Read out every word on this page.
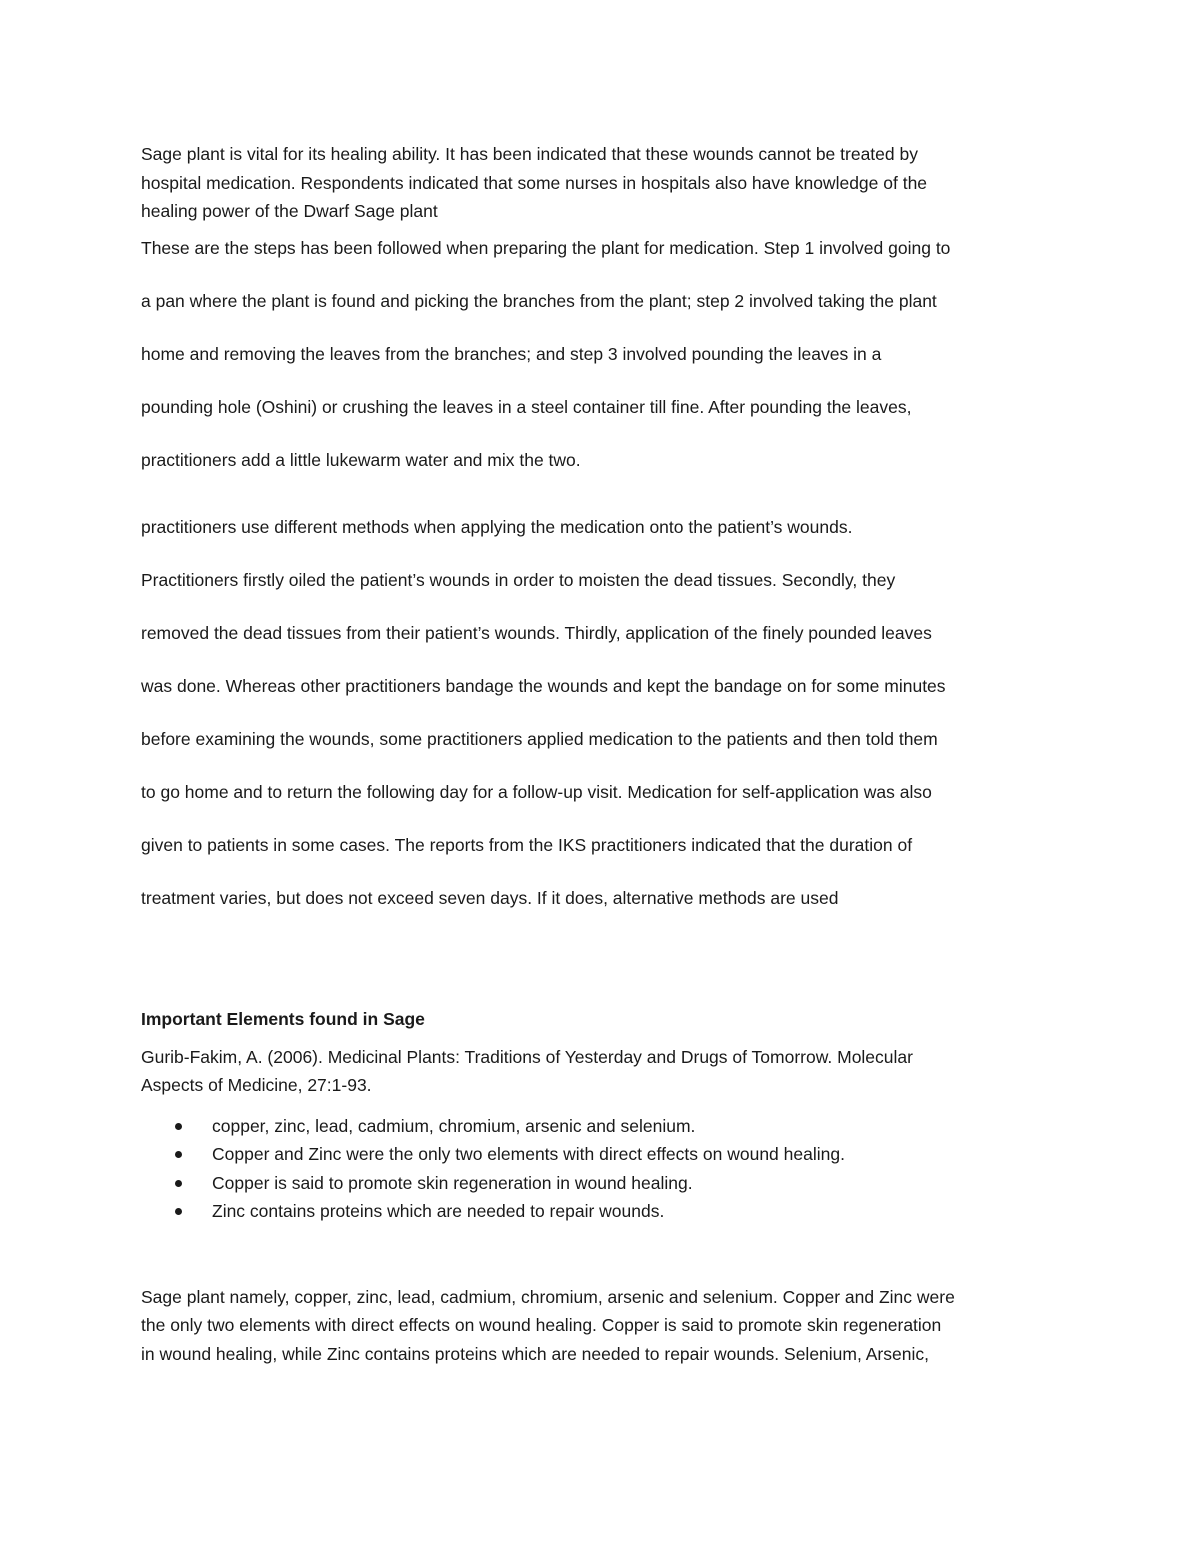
Sage plant is vital for its healing ability. It has been indicated that these wounds cannot be treated by
hospital medication. Respondents indicated that some nurses in hospitals also have knowledge of the
healing power of the Dwarf Sage plant

These are the steps has been followed when preparing the plant for medication. Step 1 involved going to
a pan where the plant is found and picking the branches from the plant; step 2 involved taking the plant
home and removing the leaves from the branches; and step 3 involved pounding the leaves in a
pounding hole (Oshini) or crushing the leaves in a steel container till fine. After pounding the leaves,
practitioners add a little lukewarm water and mix the two.

practitioners use different methods when applying the medication onto the patient’s wounds.
Practitioners firstly oiled the patient’s wounds in order to moisten the dead tissues. Secondly, they
removed the dead tissues from their patient’s wounds. Thirdly, application of the finely pounded leaves
was done. Whereas other practitioners bandage the wounds and kept the bandage on for some minutes
before examining the wounds, some practitioners applied medication to the patients and then told them
to go home and to return the following day for a follow-up visit. Medication for self-application was also
given to patients in some cases. The reports from the IKS practitioners indicated that the duration of
treatment varies, but does not exceed seven days. If it does, alternative methods are used

Important Elements found in Sage

Gurib-Fakim, A. (2006). Medicinal Plants: Traditions of Yesterday and Drugs of Tomorrow. Molecular
Aspects of Medicine, 27:1-93.

copper, zinc, lead, cadmium, chromium, arsenic and selenium.
Copper and Zinc were the only two elements with direct effects on wound healing.
Copper is said to promote skin regeneration in wound healing.
Zinc contains proteins which are needed to repair wounds.

Sage plant namely, copper, zinc, lead, cadmium, chromium, arsenic and selenium. Copper and Zinc were
the only two elements with direct effects on wound healing. Copper is said to promote skin regeneration
in wound healing, while Zinc contains proteins which are needed to repair wounds. Selenium, Arsenic,
